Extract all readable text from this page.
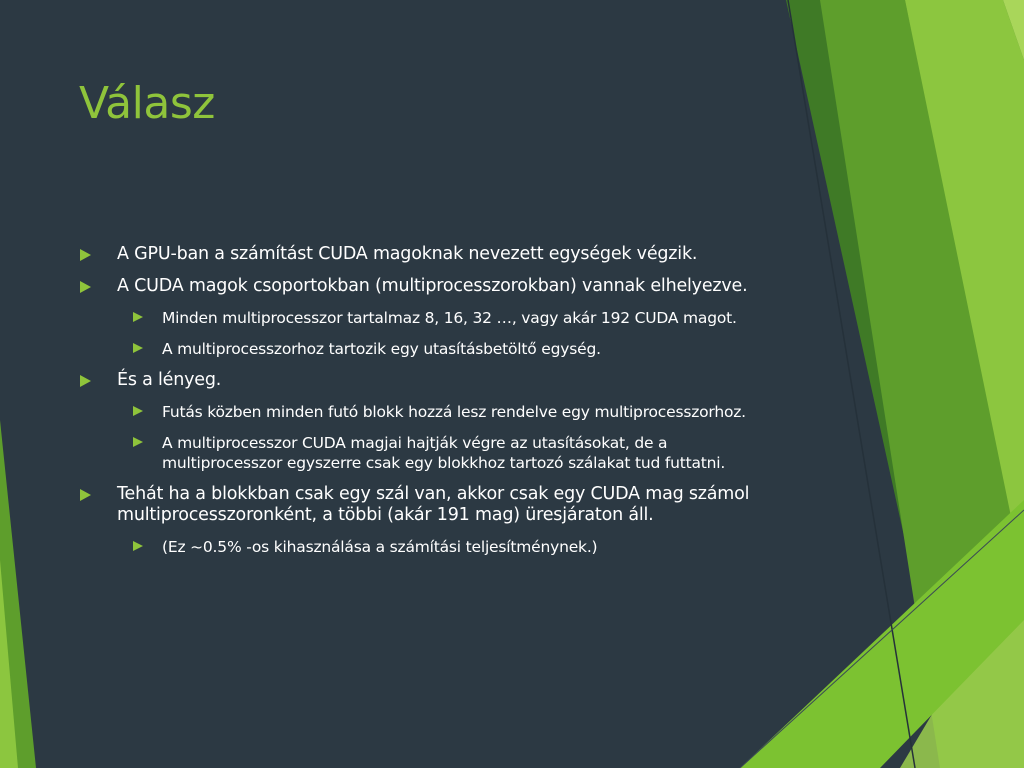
Válasz
A GPU-ban a számítást CUDA magoknak nevezett egységek végzik.
A CUDA magok csoportokban (multiprocesszorokban) vannak elhelyezve.
Minden multiprocesszor tartalmaz 8, 16, 32 …, vagy akár 192 CUDA magot.
A multiprocesszorhoz tartozik egy utasításbetöltő egység.
És a lényeg.
Futás közben minden futó blokk hozzá lesz rendelve egy multiprocesszorhoz.
A multiprocesszor CUDA magjai hajtják végre az utasításokat, de a multiprocesszor egyszerre csak egy blokkhoz tartozó szálakat tud futtatni.
Tehát ha a blokkban csak egy szál van, akkor csak egy CUDA mag számol multiprocesszoronként, a többi (akár 191 mag) üresjáraton áll.
(Ez ~0.5% -os kihasználása a számítási teljesítménynek.)
